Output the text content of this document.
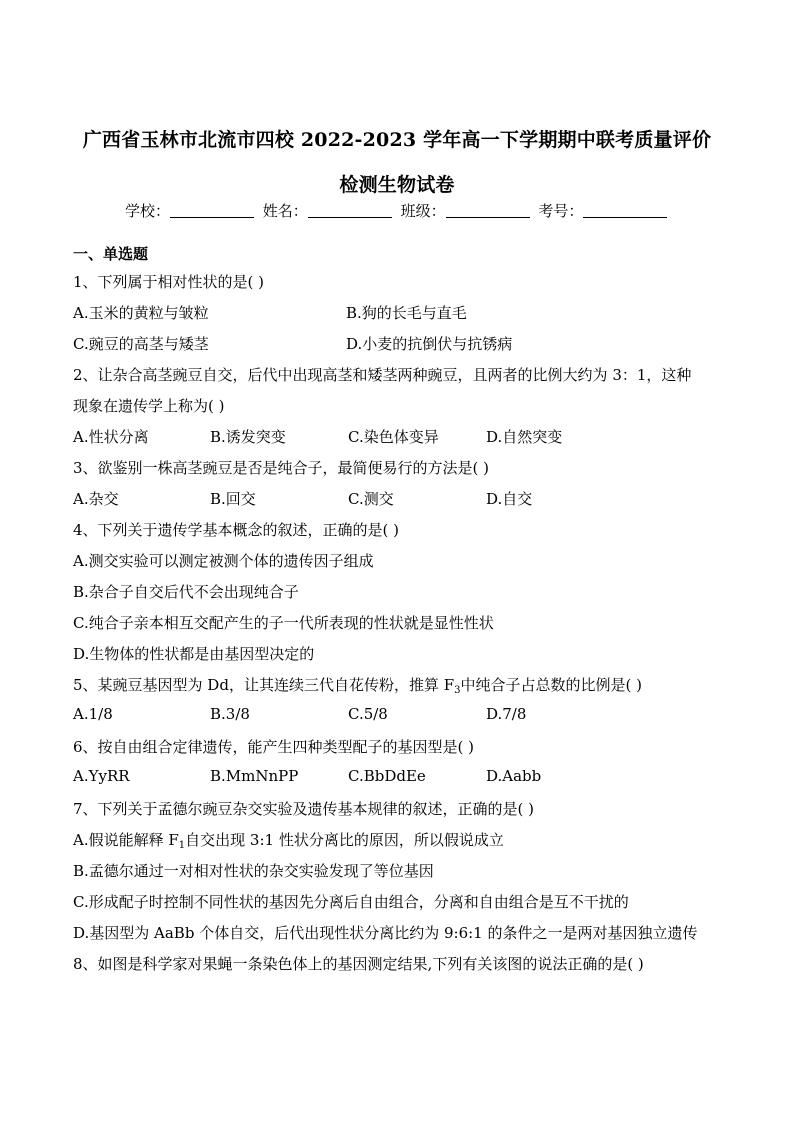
广西省玉林市北流市四校 2022-2023 学年高一下学期期中联考质量评价
检测生物试卷
学校：	姓名：	班级：	考号：
一、单选题
1、下列属于相对性状的是( )
A.玉米的黄粒与皱粒	B.狗的长毛与直毛
C.豌豆的高茎与矮茎	D.小麦的抗倒伏与抗锈病
2、让杂合高茎豌豆自交，后代中出现高茎和矮茎两种豌豆，且两者的比例大约为 3：1，这种
现象在遗传学上称为( )
A.性状分离	B.诱发突变	C.染色体变异	D.自然突变
3、欲鉴别一株高茎豌豆是否是纯合子，最简便易行的方法是( )
A.杂交	B.回交	C.测交	D.自交
4、下列关于遗传学基本概念的叙述，正确的是( )
A.测交实验可以测定被测个体的遗传因子组成
B.杂合子自交后代不会出现纯合子
C.纯合子亲本相互交配产生的子一代所表现的性状就是显性性状
D.生物体的性状都是由基因型决定的
5、某豌豆基因型为 Dd，让其连续三代自花传粉，推算 $F_3$中纯合子占总数的比例是( )
A.1/8	B.3/8	C.5/8	D.7/8
6、按自由组合定律遗传，能产生四种类型配子的基因型是( )
A.YyRR	B.MmNnPP	C.BbDdEe	D.Aabb
7、下列关于孟德尔豌豆杂交实验及遗传基本规律的叙述，正确的是( )
A.假说能解释 $F_1$自交出现 3:1 性状分离比的原因，所以假说成立
B.孟德尔通过一对相对性状的杂交实验发现了等位基因
C.形成配子时控制不同性状的基因先分离后自由组合，分离和自由组合是互不干扰的
D.基因型为 AaBb 个体自交，后代出现性状分离比约为 9:6:1 的条件之一是两对基因独立遗传
8、如图是科学家对果蝇一条染色体上的基因测定结果,下列有关该图的说法正确的是( )
